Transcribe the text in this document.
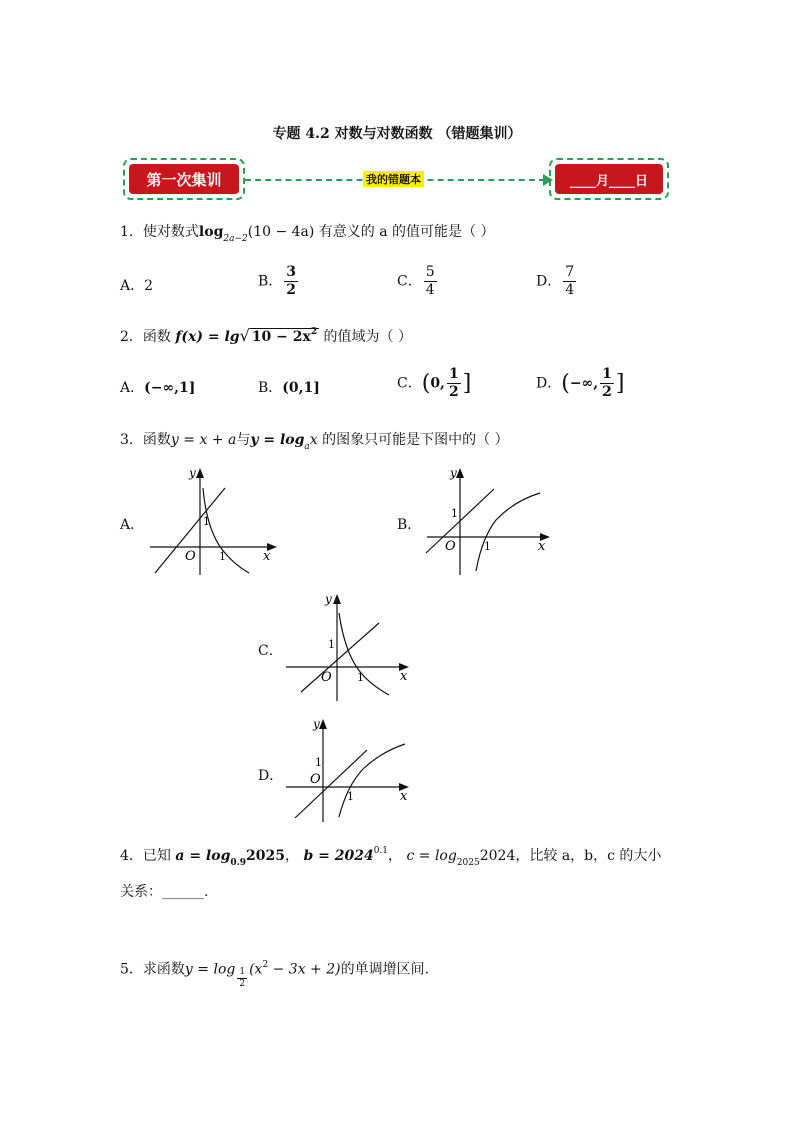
专题 4.2 对数与对数函数 （错题集训）
第一次集训	我的错题本	____月____日
1．使对数式$\log_{2a-2}(10 - 4a)$ 有意义的 a 的值可能是（ ）
A．2	B． $\frac{3}{2}$	C． $\frac{5}{4}$	D． $\frac{7}{4}$
2．函数 f(x) = lg√ $10 - 2x^2$ 的值域为（ ）
A．(−∞,1]	B．(0,1]	C．(0, $\frac{1}{2}$ ]	D．(−∞, $\frac{1}{2}$ ]
3．函数y = x + a与$y = \log_ax$ 的图象只可能是下图中的（ ）
A．
y
x
O
1
1
B．
y
x
O
1
1
C．
y
x
O
1
1
D．
y
x
O
1
1
4．已知 $a = \log_{0.9}2025$， $b = 2024^{0.1}$， $c = \log_{2025}2024$，比较 a，b，c 的大小
关系：______.
5．求函数$y = \log \frac{1}{2} (x^2 - 3x + 2)$的单调增区间.
